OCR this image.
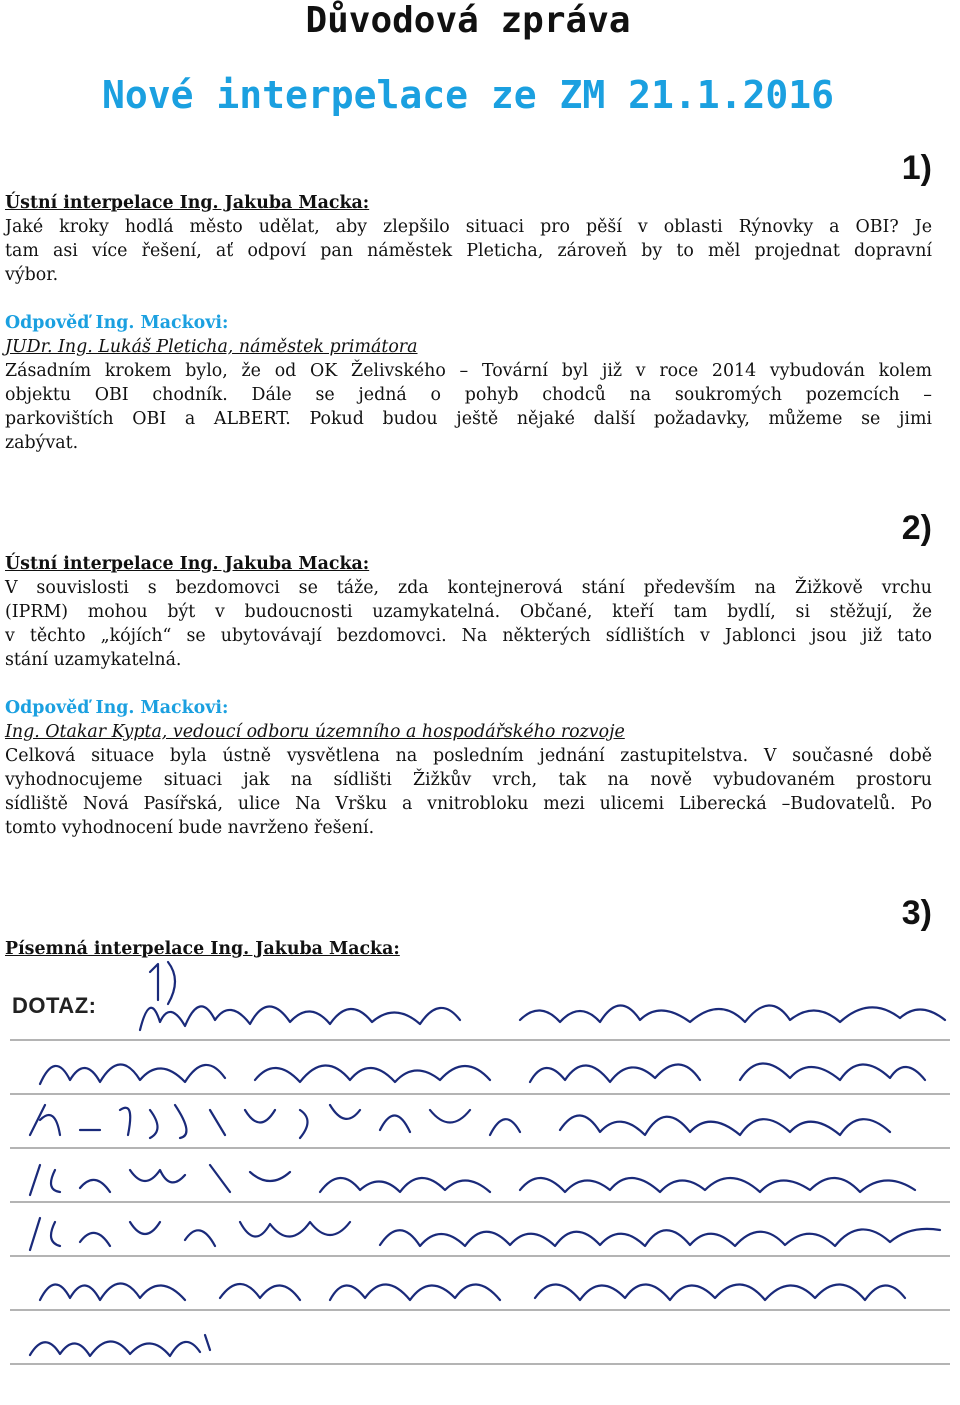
Důvodová zpráva
Nové interpelace ze ZM 21.1.2016
1)
Ústní interpelace Ing. Jakuba Macka:
Jaké kroky hodlá město udělat, aby zlepšilo situaci pro pěší v oblasti Rýnovky a OBI? Je
tam asi více řešení, ať odpoví pan náměstek Pleticha, zároveň by to měl projednat dopravní
výbor.
Odpověď Ing. Mackovi:
JUDr. Ing. Lukáš Pleticha, náměstek primátora
Zásadním krokem bylo, že od OK Želivského – Tovární byl již v roce 2014 vybudován kolem
objektu OBI chodník. Dále se jedná o pohyb chodců na soukromých pozemcích –
parkovištích OBI a ALBERT. Pokud budou ještě nějaké další požadavky, můžeme se jimi
zabývat.
2)
Ústní interpelace Ing. Jakuba Macka:
V souvislosti s bezdomovci se táže, zda kontejnerová stání především na Žižkově vrchu
(IPRM) mohou být v budoucnosti uzamykatelná. Občané, kteří tam bydlí, si stěžují, že
v těchto „kójích“ se ubytovávají bezdomovci. Na některých sídlištích v Jablonci jsou již tato
stání uzamykatelná.
Odpověď Ing. Mackovi:
Ing. Otakar Kypta, vedoucí odboru územního a hospodářského rozvoje
Celková situace byla ústně vysvětlena na posledním jednání zastupitelstva. V současné době
vyhodnocujeme situaci jak na sídlišti Žižkův vrch, tak na nově vybudovaném prostoru
sídliště Nová Pasířská, ulice Na Vršku a vnitrobloku mezi ulicemi Liberecká –Budovatelů. Po
tomto vyhodnocení bude navrženo řešení.
3)
Písemná interpelace Ing. Jakuba Macka:
DOTAZ:
